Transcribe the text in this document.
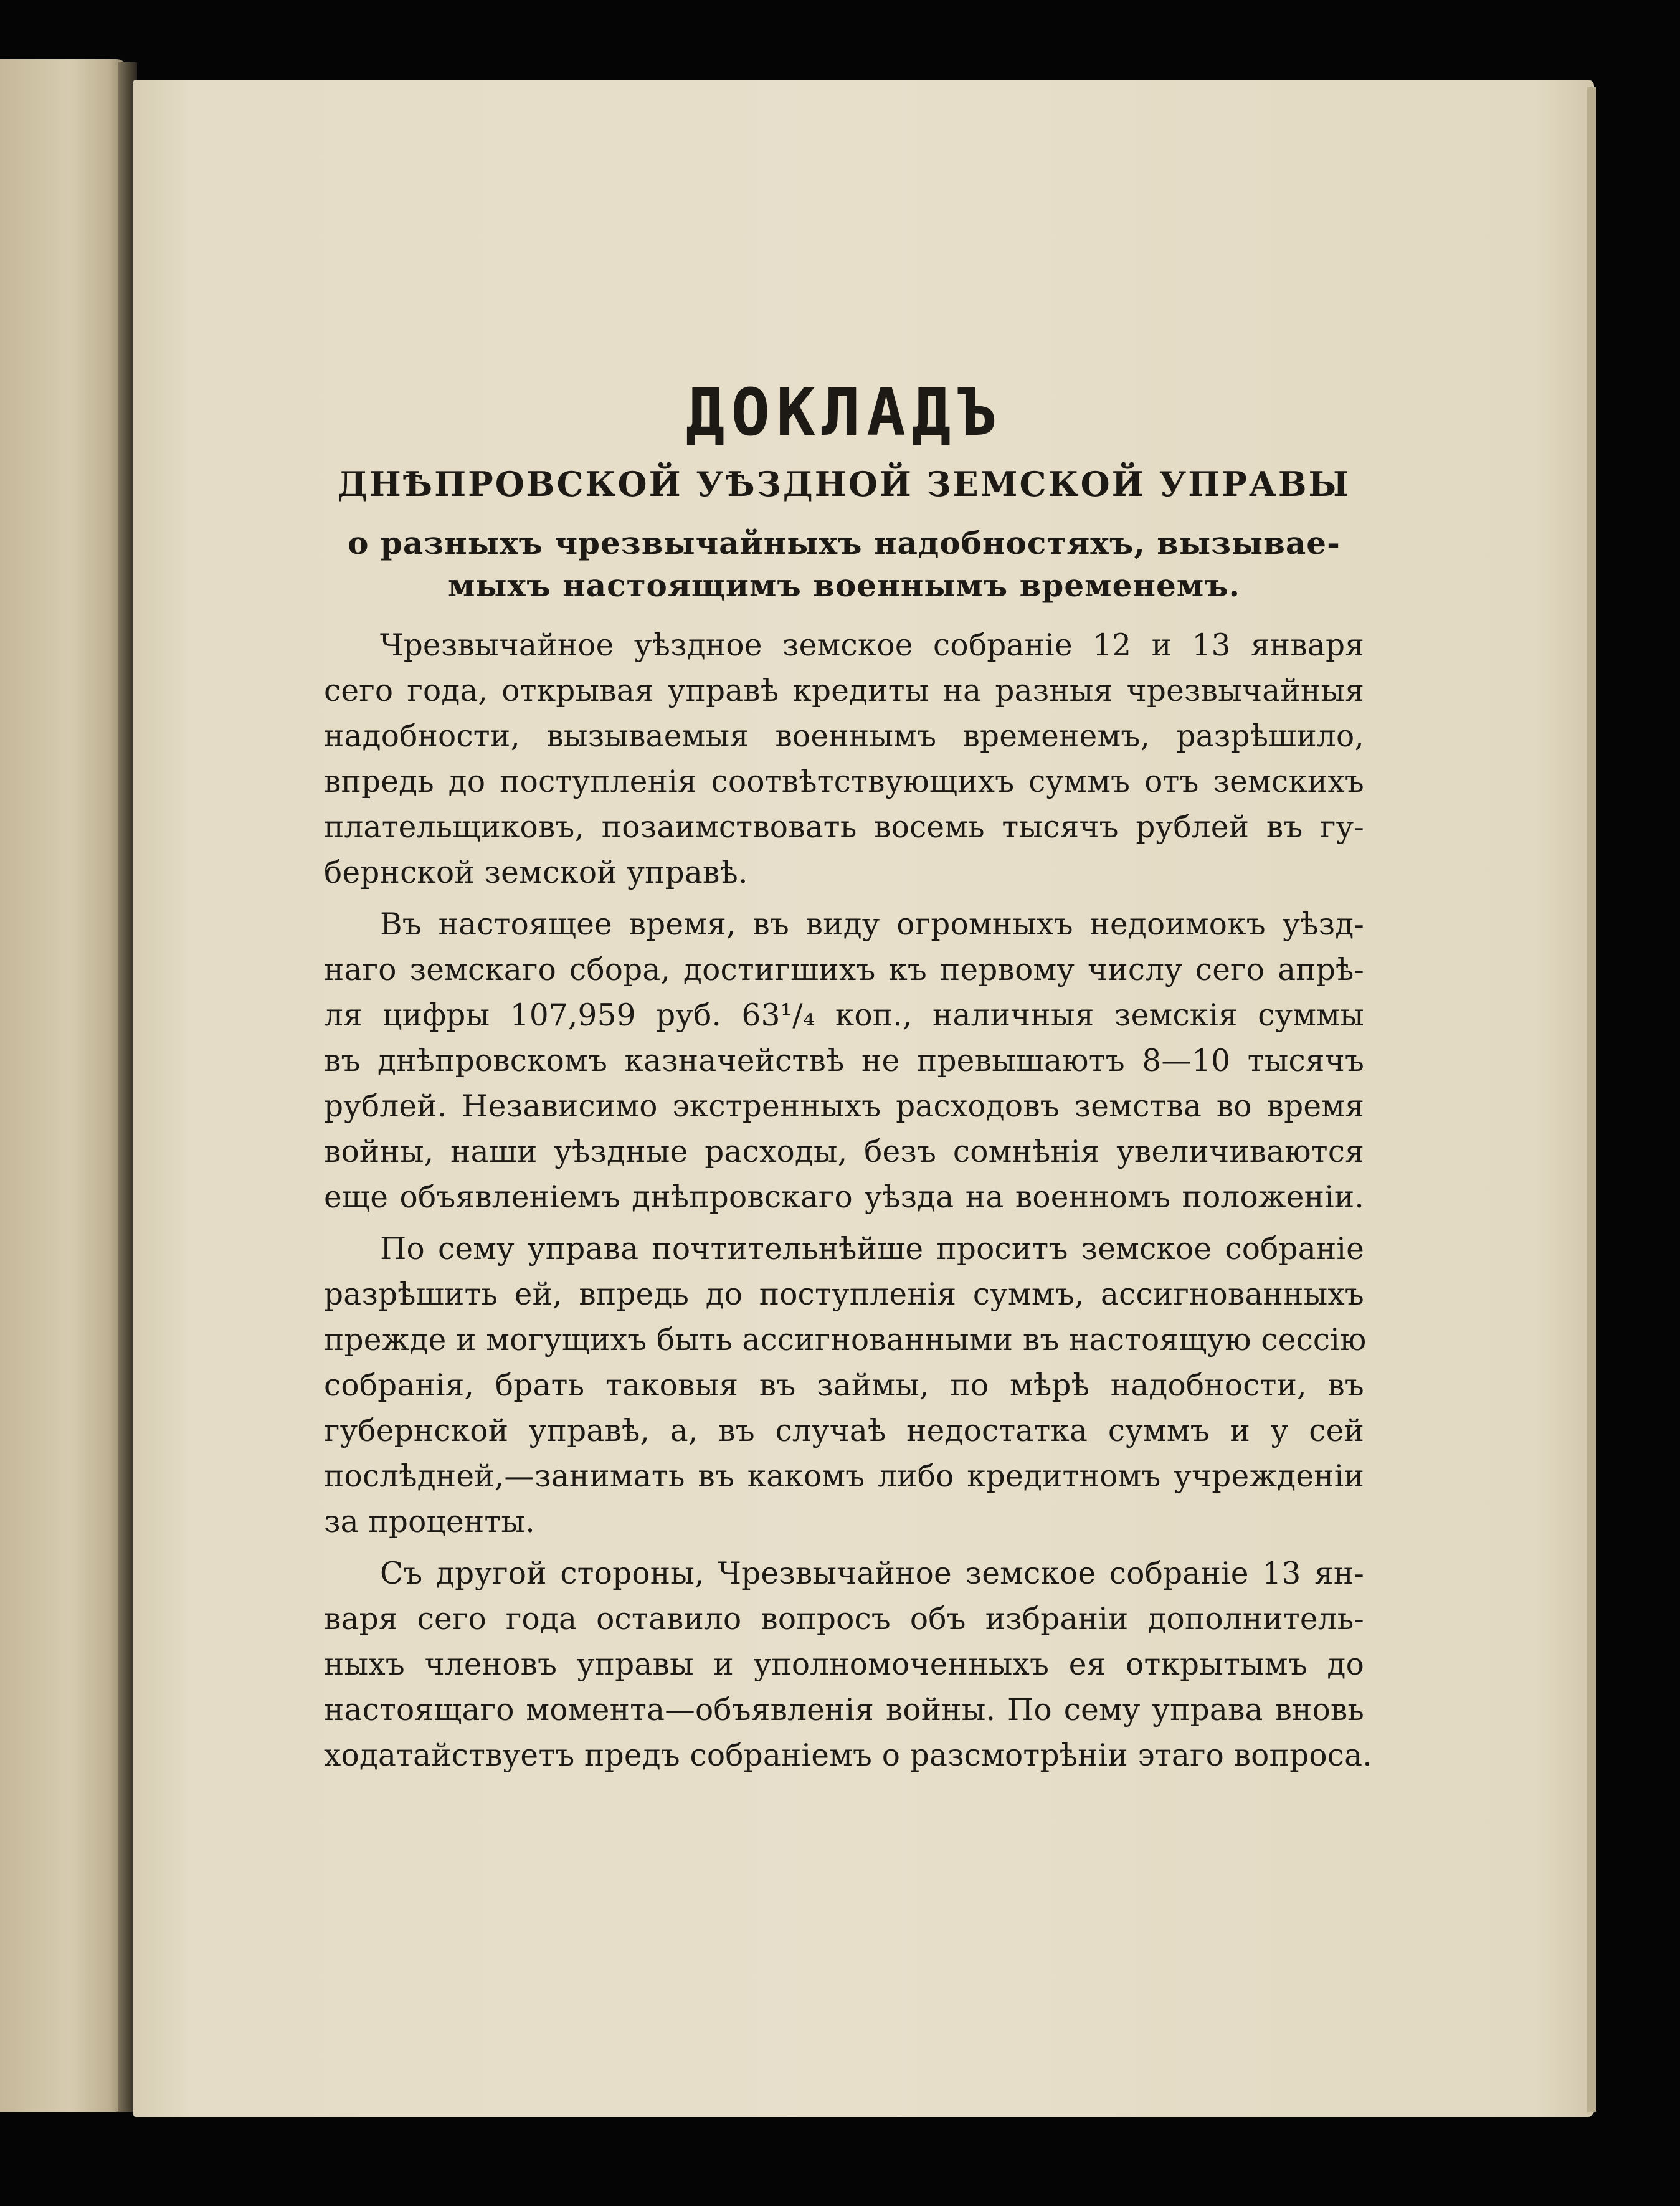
ДОКЛАДЪ
ДНѢПРОВСКОЙ УѢЗДНОЙ ЗЕМСКОЙ УПРАВЫ
о разныхъ чрезвычайныхъ надобностяхъ, вызывае-
мыхъ настоящимъ военнымъ временемъ.

Чрезвычайное уѣздное земское собраніе 12 и 13 января
сего года, открывая управѣ кредиты на разныя чрезвычайныя
надобности, вызываемыя военнымъ временемъ, разрѣшило,
впредь до поступленія соотвѣтствующихъ суммъ отъ земскихъ
плательщиковъ, позаимствовать восемь тысячъ рублей въ гу-
бернской земской управѣ.

Въ настоящее время, въ виду огромныхъ недоимокъ уѣзд-
наго земскаго сбора, достигшихъ къ первому числу сего апрѣ-
ля цифры 107,959 руб. 63¹/₄ коп., наличныя земскія суммы
въ днѣпровскомъ казначействѣ не превышаютъ 8—10 тысячъ
рублей. Независимо экстренныхъ расходовъ земства во время
войны, наши уѣздные расходы, безъ сомнѣнія увеличиваются
еще объявленіемъ днѣпровскаго уѣзда на военномъ положеніи.

По сему управа почтительнѣйше проситъ земское собраніе
разрѣшить ей, впредь до поступленія суммъ, ассигнованныхъ
прежде и могущихъ быть ассигнованными въ настоящую сессію
собранія, брать таковыя въ займы, по мѣрѣ надобности, въ
губернской управѣ, а, въ случаѣ недостатка суммъ и у сей
послѣдней,—занимать въ какомъ либо кредитномъ учрежденіи
за проценты.

Съ другой стороны, Чрезвычайное земское собраніе 13 ян-
варя сего года оставило вопросъ объ избраніи дополнитель-
ныхъ членовъ управы и уполномоченныхъ ея открытымъ до
настоящаго момента—объявленія войны. По сему управа вновь
ходатайствуетъ предъ собраніемъ о разсмотрѣніи этаго вопроса.
